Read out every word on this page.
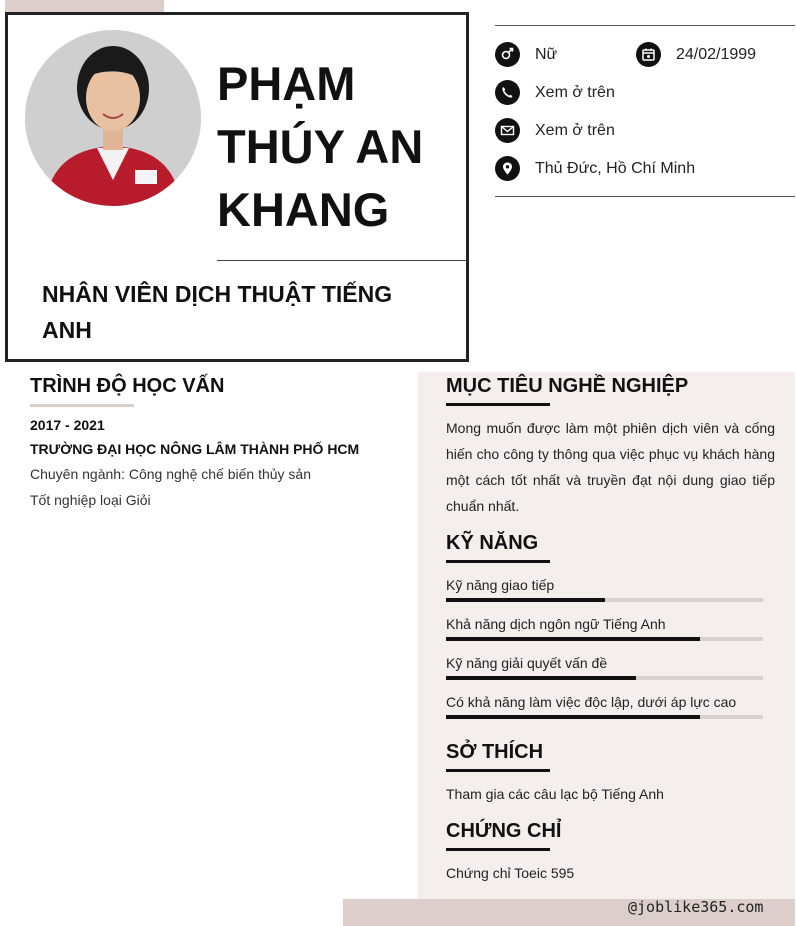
PHẠM
THÚY AN
KHANG
NHÂN VIÊN DỊCH THUẬT TIẾNG ANH
Nữ	24/02/1999
Xem ở trên
Xem ở trên
Thủ Đức, Hồ Chí Minh
TRÌNH ĐỘ HỌC VẤN
2017 - 2021
TRƯỜNG ĐẠI HỌC NÔNG LÂM THÀNH PHỐ HCM
Chuyên ngành: Công nghệ chế biến thủy sản
Tốt nghiệp loại Giỏi
MỤC TIÊU NGHỀ NGHIỆP
Mong muốn được làm một phiên dịch viên và cống hiến cho công ty thông qua việc phục vụ khách hàng một cách tốt nhất và truyền đạt nội dung giao tiếp chuẩn nhất.
KỸ NĂNG
Kỹ năng giao tiếp
Khả năng dịch ngôn ngữ Tiếng Anh
Kỹ năng giải quyết vấn đề
Có khả năng làm việc độc lập, dưới áp lực cao
SỞ THÍCH
Tham gia các câu lạc bộ Tiếng Anh
CHỨNG CHỈ
Chứng chỉ Toeic 595
@joblike365.com
